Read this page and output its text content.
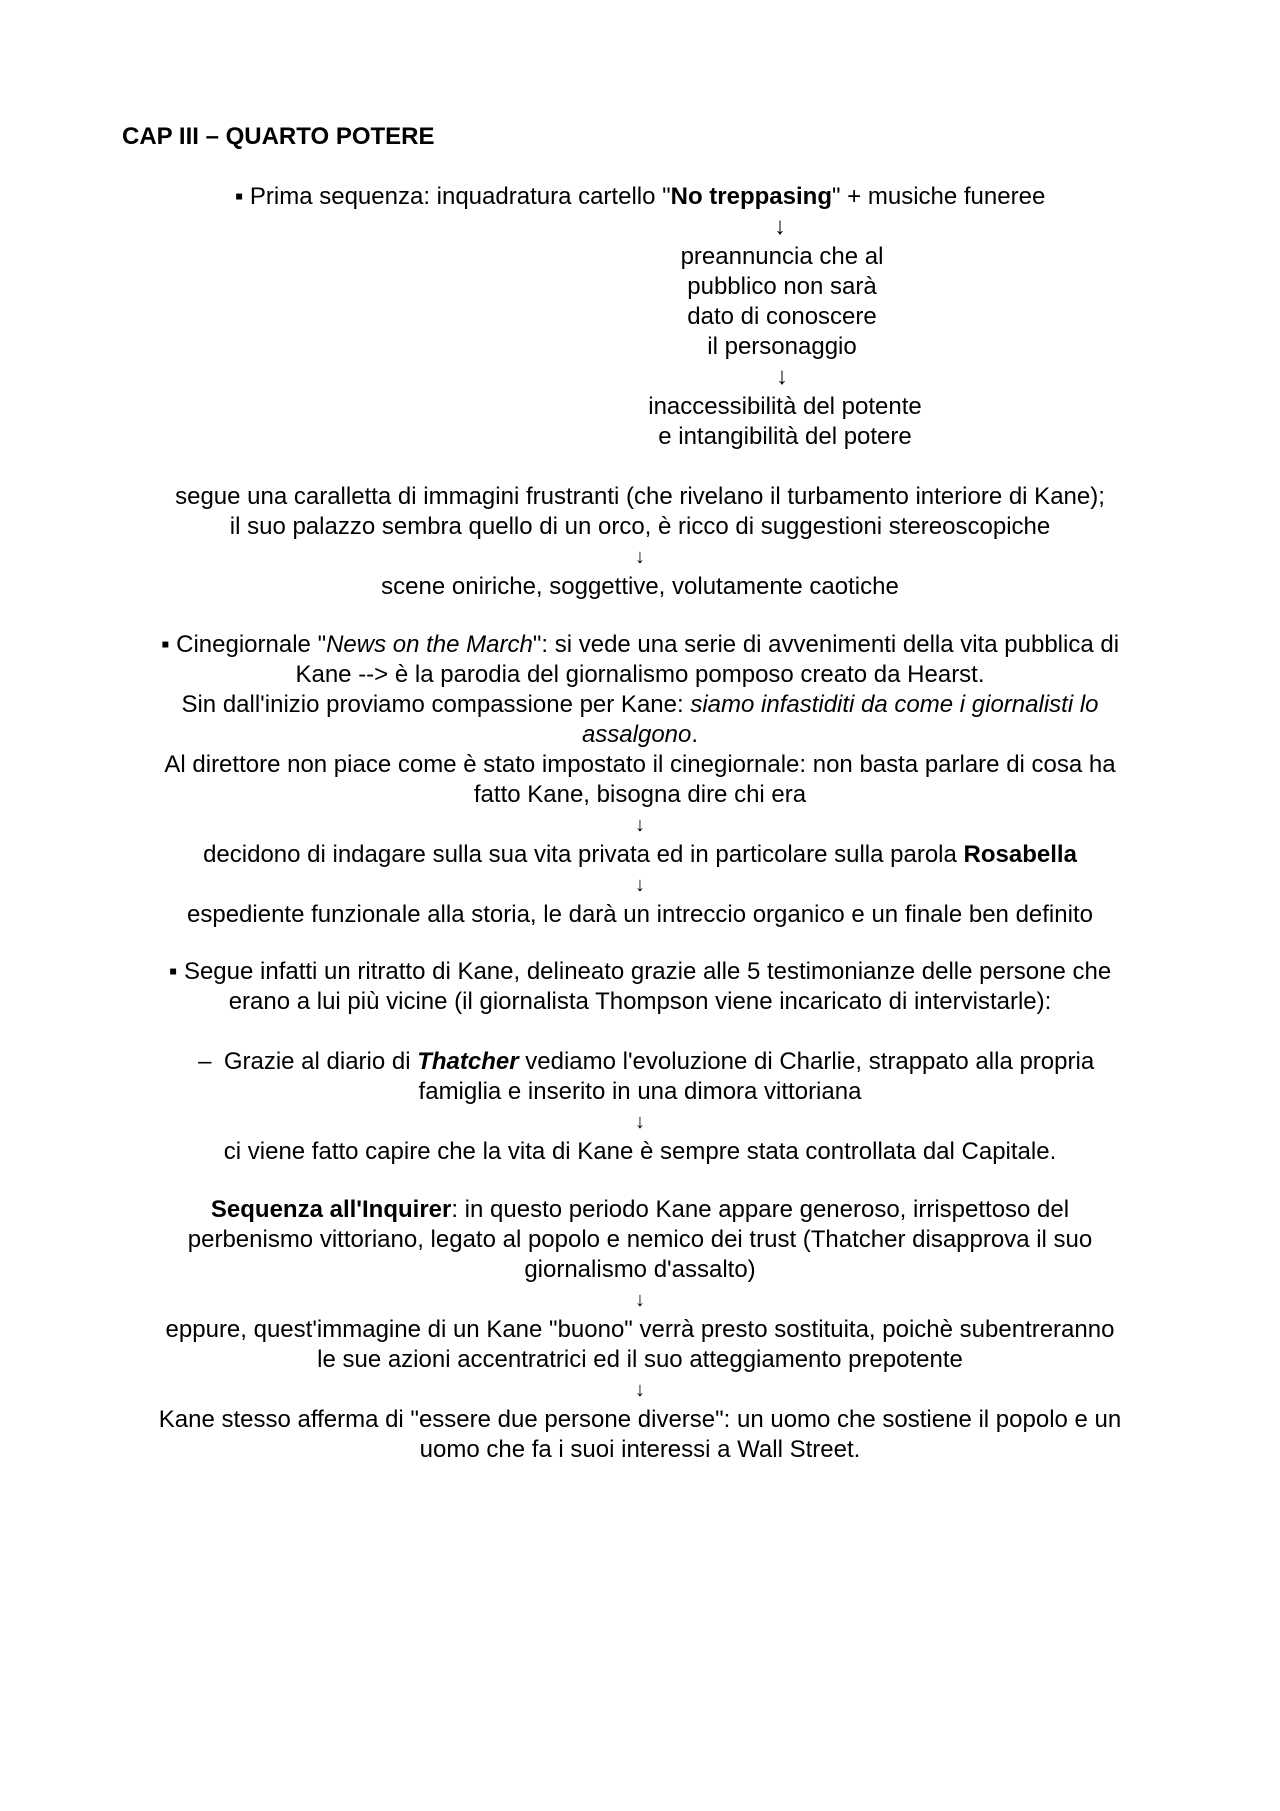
CAP III – QUARTO POTERE
▪ Prima sequenza: inquadratura cartello "No treppasing" + musiche funeree
↓
preannuncia che al
pubblico non sarà
dato di conoscere
il personaggio
↓
inaccessibilità del potente
e intangibilità del potere
segue una caralletta di immagini frustranti (che rivelano il turbamento interiore di Kane);
il suo palazzo sembra quello di un orco, è ricco di suggestioni stereoscopiche
↓
scene oniriche, soggettive, volutamente caotiche
▪ Cinegiornale "News on the March": si vede una serie di avvenimenti della vita pubblica di
Kane --> è la parodia del giornalismo pomposo creato da Hearst.
Sin dall'inizio proviamo compassione per Kane: siamo infastiditi da come i giornalisti lo
assalgono.
Al direttore non piace come è stato impostato il cinegiornale: non basta parlare di cosa ha
fatto Kane, bisogna dire chi era
↓
decidono di indagare sulla sua vita privata ed in particolare sulla parola Rosabella
↓
espediente funzionale alla storia, le darà un intreccio organico e un finale ben definito
▪ Segue infatti un ritratto di Kane, delineato grazie alle 5 testimonianze delle persone che
erano a lui più vicine (il giornalista Thompson viene incaricato di intervistarle):
– Grazie al diario di Thatcher vediamo l'evoluzione di Charlie, strappato alla propria
famiglia e inserito in una dimora vittoriana
↓
ci viene fatto capire che la vita di Kane è sempre stata controllata dal Capitale.
Sequenza all'Inquirer: in questo periodo Kane appare generoso, irrispettoso del
perbenismo vittoriano, legato al popolo e nemico dei trust (Thatcher disapprova il suo
giornalismo d'assalto)
↓
eppure, quest'immagine di un Kane "buono" verrà presto sostituita, poichè subentreranno
le sue azioni accentratrici ed il suo atteggiamento prepotente
↓
Kane stesso afferma di "essere due persone diverse": un uomo che sostiene il popolo e un
uomo che fa i suoi interessi a Wall Street.
